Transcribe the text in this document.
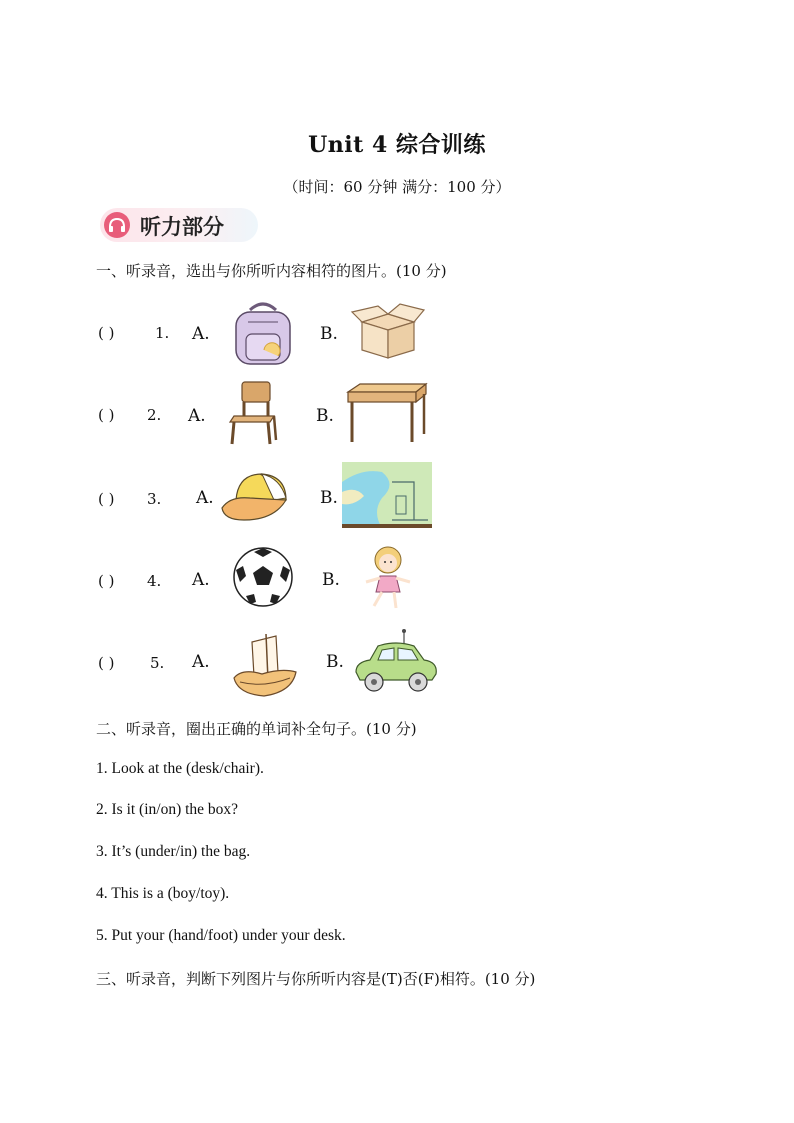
Unit 4 综合训练
（时间：60 分钟 满分：100 分）
听力部分
一、听录音，选出与你所听内容相符的图片。(10 分)
( )	1. A.	B.
( ) 2. A.	B.
( ) 3. A.	B.
( ) 4. A.	B.
( ) 5. A.	B.
二、听录音，圈出正确的单词补全句子。(10 分)
1. Look at the (desk/chair).
2. Is it (in/on) the box?
3. It’s (under/in) the bag.
4. This is a (boy/toy).
5. Put your (hand/foot) under your desk.
三、听录音，判断下列图片与你所听内容是(T)否(F)相符。(10 分)
